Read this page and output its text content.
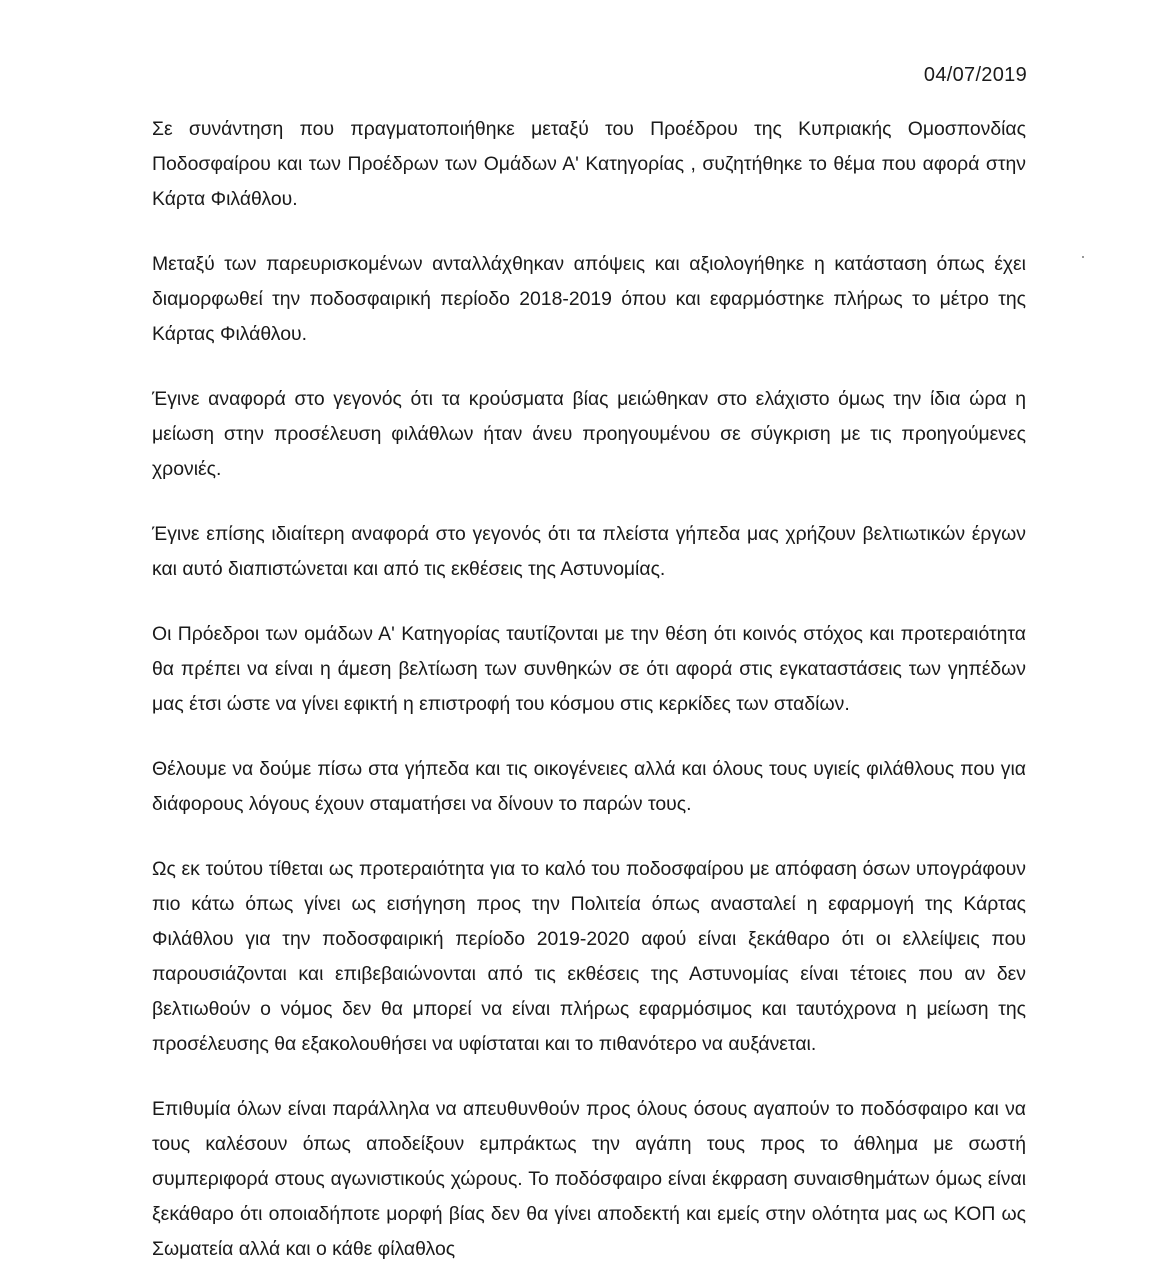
04/07/2019

Σε συνάντηση που πραγματοποιήθηκε μεταξύ του Προέδρου της Κυπριακής Ομοσπονδίας Ποδοσφαίρου και των Προέδρων των Ομάδων Α' Κατηγορίας , συζητήθηκε το θέμα που αφορά στην Κάρτα Φιλάθλου.

Μεταξύ των παρευρισκομένων ανταλλάχθηκαν απόψεις και αξιολογήθηκε η κατάσταση όπως έχει διαμορφωθεί την ποδοσφαιρική περίοδο 2018-2019 όπου και εφαρμόστηκε πλήρως το μέτρο της Κάρτας Φιλάθλου.

Έγινε αναφορά στο γεγονός ότι τα κρούσματα βίας μειώθηκαν στο ελάχιστο όμως την ίδια ώρα η μείωση στην προσέλευση φιλάθλων ήταν άνευ προηγουμένου σε σύγκριση με τις προηγούμενες χρονιές.

Έγινε επίσης ιδιαίτερη αναφορά στο γεγονός ότι τα πλείστα γήπεδα μας χρήζουν βελτιωτικών έργων και αυτό διαπιστώνεται και από τις εκθέσεις της Αστυνομίας.

Οι Πρόεδροι των ομάδων Α' Κατηγορίας ταυτίζονται με την θέση ότι κοινός στόχος και προτεραιότητα θα πρέπει να είναι η άμεση βελτίωση των συνθηκών σε ότι αφορά στις εγκαταστάσεις των γηπέδων μας έτσι ώστε να γίνει εφικτή η επιστροφή του κόσμου στις κερκίδες των σταδίων.

Θέλουμε να δούμε πίσω στα γήπεδα και τις οικογένειες αλλά και όλους τους υγιείς φιλάθλους που για διάφορους λόγους έχουν σταματήσει να δίνουν το παρών τους.

Ως εκ τούτου τίθεται ως προτεραιότητα για το καλό του ποδοσφαίρου με απόφαση όσων υπογράφουν πιο κάτω όπως γίνει ως εισήγηση προς την Πολιτεία όπως ανασταλεί η εφαρμογή της Κάρτας Φιλάθλου για την ποδοσφαιρική περίοδο 2019-2020 αφού είναι ξεκάθαρο ότι οι ελλείψεις που παρουσιάζονται και επιβεβαιώνονται από τις εκθέσεις της Αστυνομίας είναι τέτοιες που αν δεν βελτιωθούν ο νόμος δεν θα μπορεί να είναι πλήρως εφαρμόσιμος και ταυτόχρονα η μείωση της προσέλευσης θα εξακολουθήσει να υφίσταται και το πιθανότερο να αυξάνεται.

Επιθυμία όλων είναι παράλληλα να απευθυνθούν προς όλους όσους αγαπούν το ποδόσφαιρο και να τους καλέσουν όπως αποδείξουν εμπράκτως την αγάπη τους προς το άθλημα με σωστή συμπεριφορά στους αγωνιστικούς χώρους. Το ποδόσφαιρο είναι έκφραση συναισθημάτων όμως είναι ξεκάθαρο ότι οποιαδήποτε μορφή βίας δεν θα γίνει αποδεκτή και εμείς στην ολότητα μας ως ΚΟΠ ως Σωματεία αλλά και ο κάθε φίλαθλος
